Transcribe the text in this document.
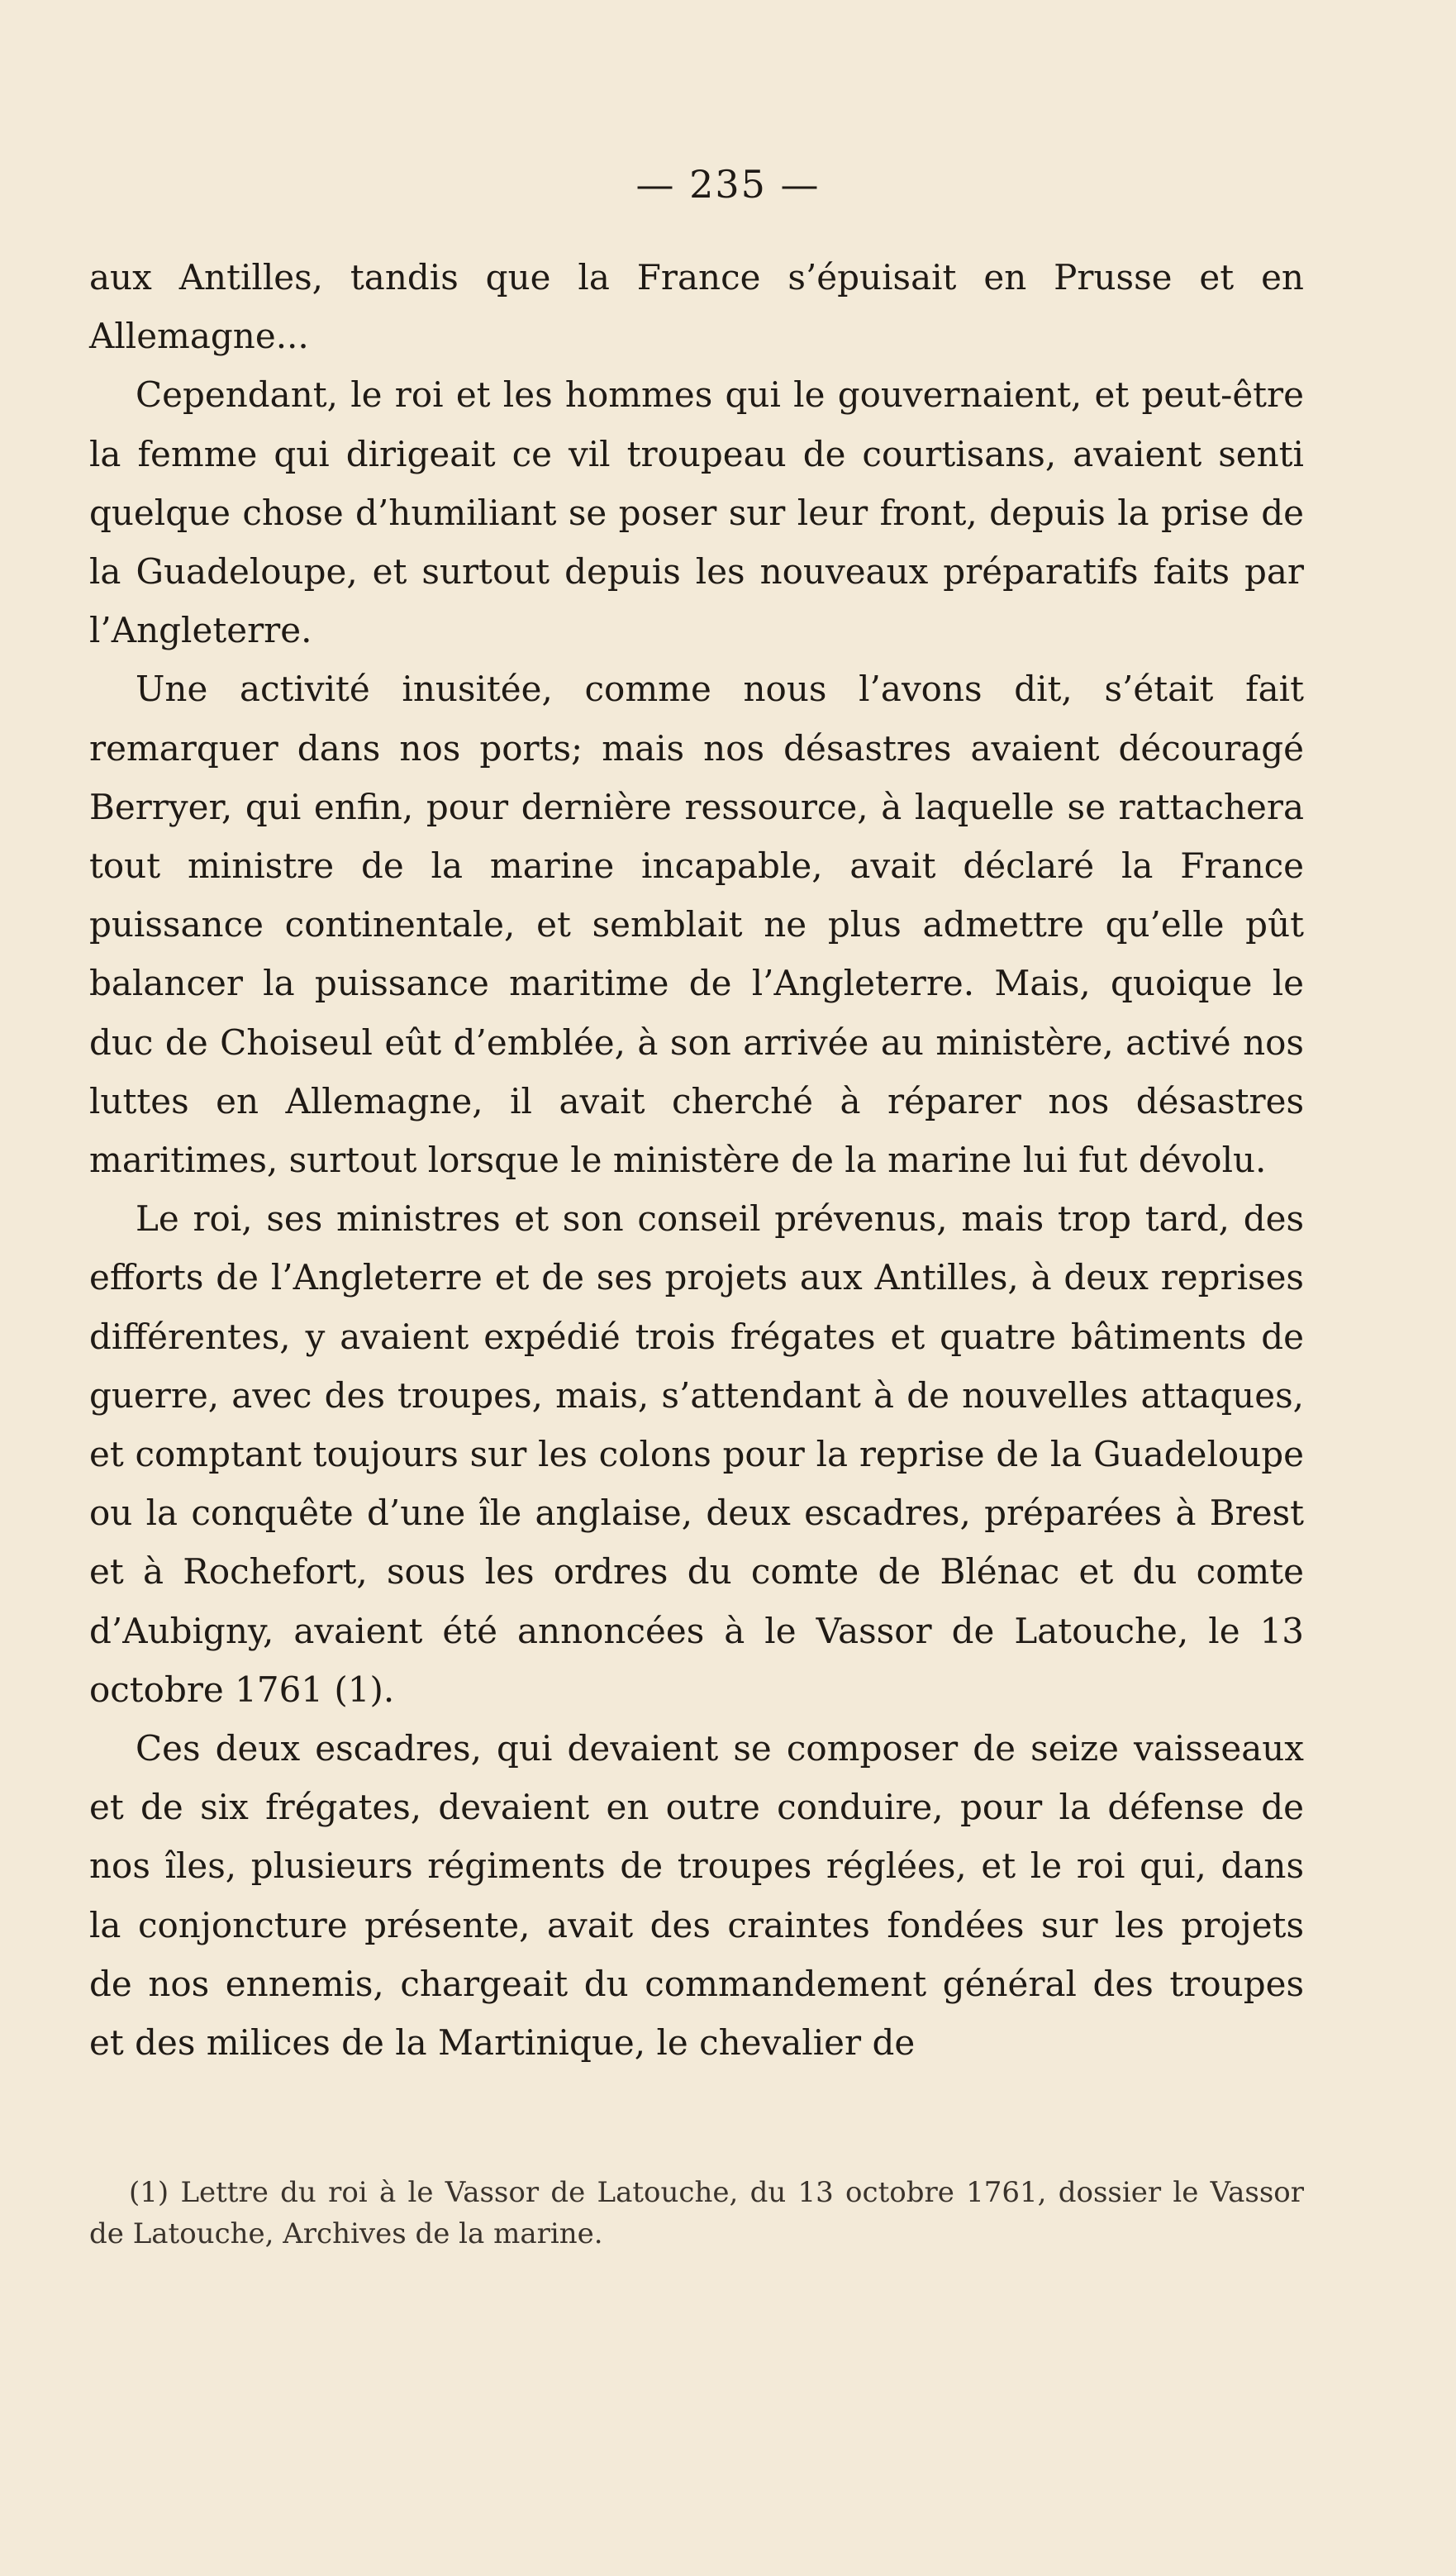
— 235 —

aux Antilles, tandis que la France s’épuisait en Prusse et en Allemagne...

Cependant, le roi et les hommes qui le gouvernaient, et peut-être la femme qui dirigeait ce vil troupeau de courtisans, avaient senti quelque chose d’humiliant se poser sur leur front, depuis la prise de la Guadeloupe, et surtout depuis les nouveaux préparatifs faits par l’Angleterre.

Une activité inusitée, comme nous l’avons dit, s’était fait remarquer dans nos ports; mais nos désastres avaient découragé Berryer, qui enfin, pour dernière ressource, à laquelle se rattachera tout ministre de la marine incapable, avait déclaré la France puissance continentale, et semblait ne plus admettre qu’elle pût balancer la puissance maritime de l’Angleterre. Mais, quoique le duc de Choiseul eût d’emblée, à son arrivée au ministère, activé nos luttes en Allemagne, il avait cherché à réparer nos désastres maritimes, surtout lorsque le ministère de la marine lui fut dévolu.

Le roi, ses ministres et son conseil prévenus, mais trop tard, des efforts de l’Angleterre et de ses projets aux Antilles, à deux reprises différentes, y avaient expédié trois frégates et quatre bâtiments de guerre, avec des troupes, mais, s’attendant à de nouvelles attaques, et comptant toujours sur les colons pour la reprise de la Guadeloupe ou la conquête d’une île anglaise, deux escadres, préparées à Brest et à Rochefort, sous les ordres du comte de Blénac et du comte d’Aubigny, avaient été annoncées à le Vassor de Latouche, le 13 octobre 1761 (1).

Ces deux escadres, qui devaient se composer de seize vaisseaux et de six frégates, devaient en outre conduire, pour la défense de nos îles, plusieurs régiments de troupes réglées, et le roi qui, dans la conjoncture présente, avait des craintes fondées sur les projets de nos ennemis, chargeait du commandement général des troupes et des milices de la Martinique, le chevalier de

(1) Lettre du roi à le Vassor de Latouche, du 13 octobre 1761, dossier le Vassor de Latouche, Archives de la marine.
